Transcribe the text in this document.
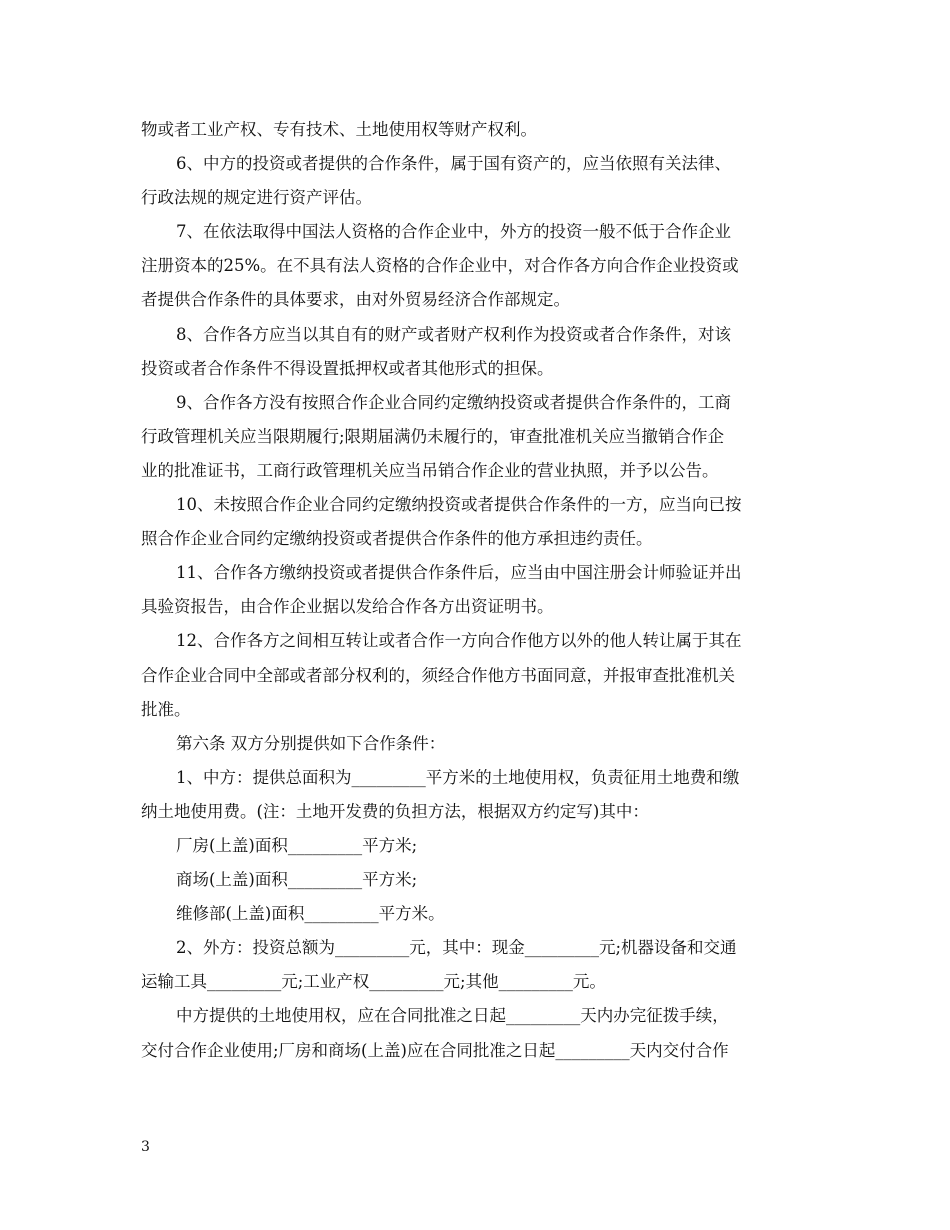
物或者工业产权、专有技术、土地使用权等财产权利。
6、中方的投资或者提供的合作条件，属于国有资产的，应当依照有关法律、
行政法规的规定进行资产评估。
7、在依法取得中国法人资格的合作企业中，外方的投资一般不低于合作企业
注册资本的25%。在不具有法人资格的合作企业中，对合作各方向合作企业投资或
者提供合作条件的具体要求，由对外贸易经济合作部规定。
8、合作各方应当以其自有的财产或者财产权利作为投资或者合作条件，对该
投资或者合作条件不得设置抵押权或者其他形式的担保。
9、合作各方没有按照合作企业合同约定缴纳投资或者提供合作条件的，工商
行政管理机关应当限期履行;限期届满仍未履行的，审查批准机关应当撤销合作企
业的批准证书，工商行政管理机关应当吊销合作企业的营业执照，并予以公告。
10、未按照合作企业合同约定缴纳投资或者提供合作条件的一方，应当向已按
照合作企业合同约定缴纳投资或者提供合作条件的他方承担违约责任。
11、合作各方缴纳投资或者提供合作条件后，应当由中国注册会计师验证并出
具验资报告，由合作企业据以发给合作各方出资证明书。
12、合作各方之间相互转让或者合作一方向合作他方以外的他人转让属于其在
合作企业合同中全部或者部分权利的，须经合作他方书面同意，并报审查批准机关
批准。
第六条 双方分别提供如下合作条件：
1、中方：提供总面积为_________平方米的土地使用权，负责征用土地费和缴
纳土地使用费。(注：土地开发费的负担方法，根据双方约定写)其中：
厂房(上盖)面积_________平方米;
商场(上盖)面积_________平方米;
维修部(上盖)面积_________平方米。
2、外方：投资总额为_________元，其中：现金_________元;机器设备和交通
运输工具_________元;工业产权_________元;其他_________元。
中方提供的土地使用权，应在合同批准之日起_________天内办完征拨手续，
交付合作企业使用;厂房和商场(上盖)应在合同批准之日起_________天内交付合作
3
